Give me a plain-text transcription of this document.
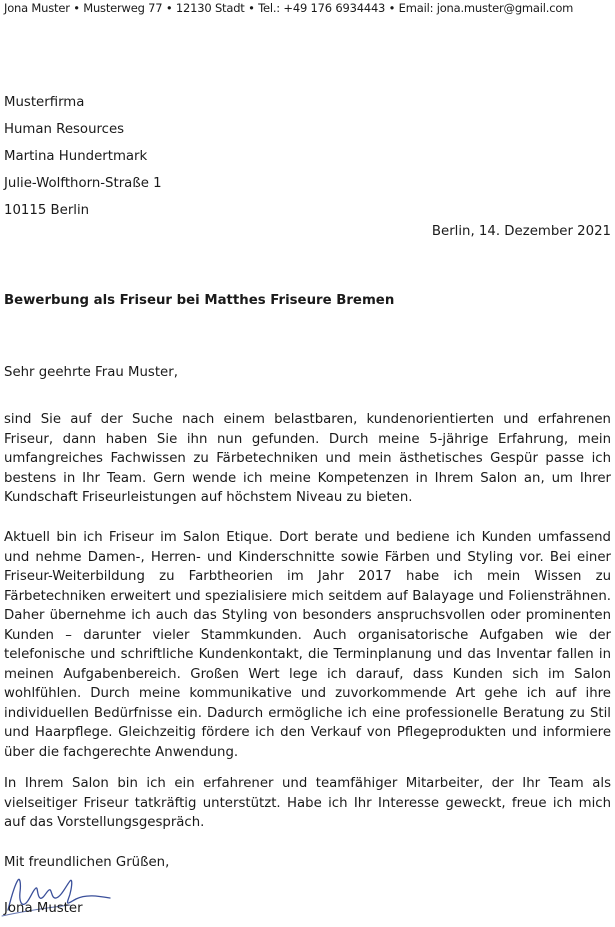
Jona Muster • Musterweg 77 • 12130 Stadt • Tel.: +49 176 6934443 • Email: jona.muster@gmail.com
Musterfirma
Human Resources
Martina Hundertmark
Julie-Wolfthorn-Straße 1
10115 Berlin
Berlin, 14. Dezember 2021
Bewerbung als Friseur bei Matthes Friseure Bremen
Sehr geehrte Frau Muster,

sind Sie auf der Suche nach einem belastbaren, kundenorientierten und erfahrenen Friseur, dann haben Sie ihn nun gefunden. Durch meine 5-jährige Erfahrung, mein umfangreiches Fachwissen zu Färbetechniken und mein ästhetisches Gespür passe ich bestens in Ihr Team. Gern wende ich meine Kompetenzen in Ihrem Salon an, um Ihrer Kundschaft Friseurleistungen auf höchstem Niveau zu bieten.

Aktuell bin ich Friseur im Salon Etique. Dort berate und bediene ich Kunden umfassend und nehme Damen-, Herren- und Kinderschnitte sowie Färben und Styling vor. Bei einer Friseur-Weiterbildung zu Farbtheorien im Jahr 2017 habe ich mein Wissen zu Färbetechniken erweitert und spezialisiere mich seitdem auf Balayage und Foliensträhnen. Daher übernehme ich auch das Styling von besonders anspruchsvollen oder prominenten Kunden – darunter vieler Stammkunden. Auch organisatorische Aufgaben wie der telefonische und schriftliche Kundenkontakt, die Terminplanung und das Inventar fallen in meinen Aufgabenbereich. Großen Wert lege ich darauf, dass Kunden sich im Salon wohlfühlen. Durch meine kommunikative und zuvorkommende Art gehe ich auf ihre individuellen Bedürfnisse ein. Dadurch ermögliche ich eine professionelle Beratung zu Stil und Haarpflege. Gleichzeitig fördere ich den Verkauf von Pflegeprodukten und informiere über die fachgerechte Anwendung.

In Ihrem Salon bin ich ein erfahrener und teamfähiger Mitarbeiter, der Ihr Team als vielseitiger Friseur tatkräftig unterstützt. Habe ich Ihr Interesse geweckt, freue ich mich auf das Vorstellungsgespräch.

Mit freundlichen Grüßen,
Jona Muster
